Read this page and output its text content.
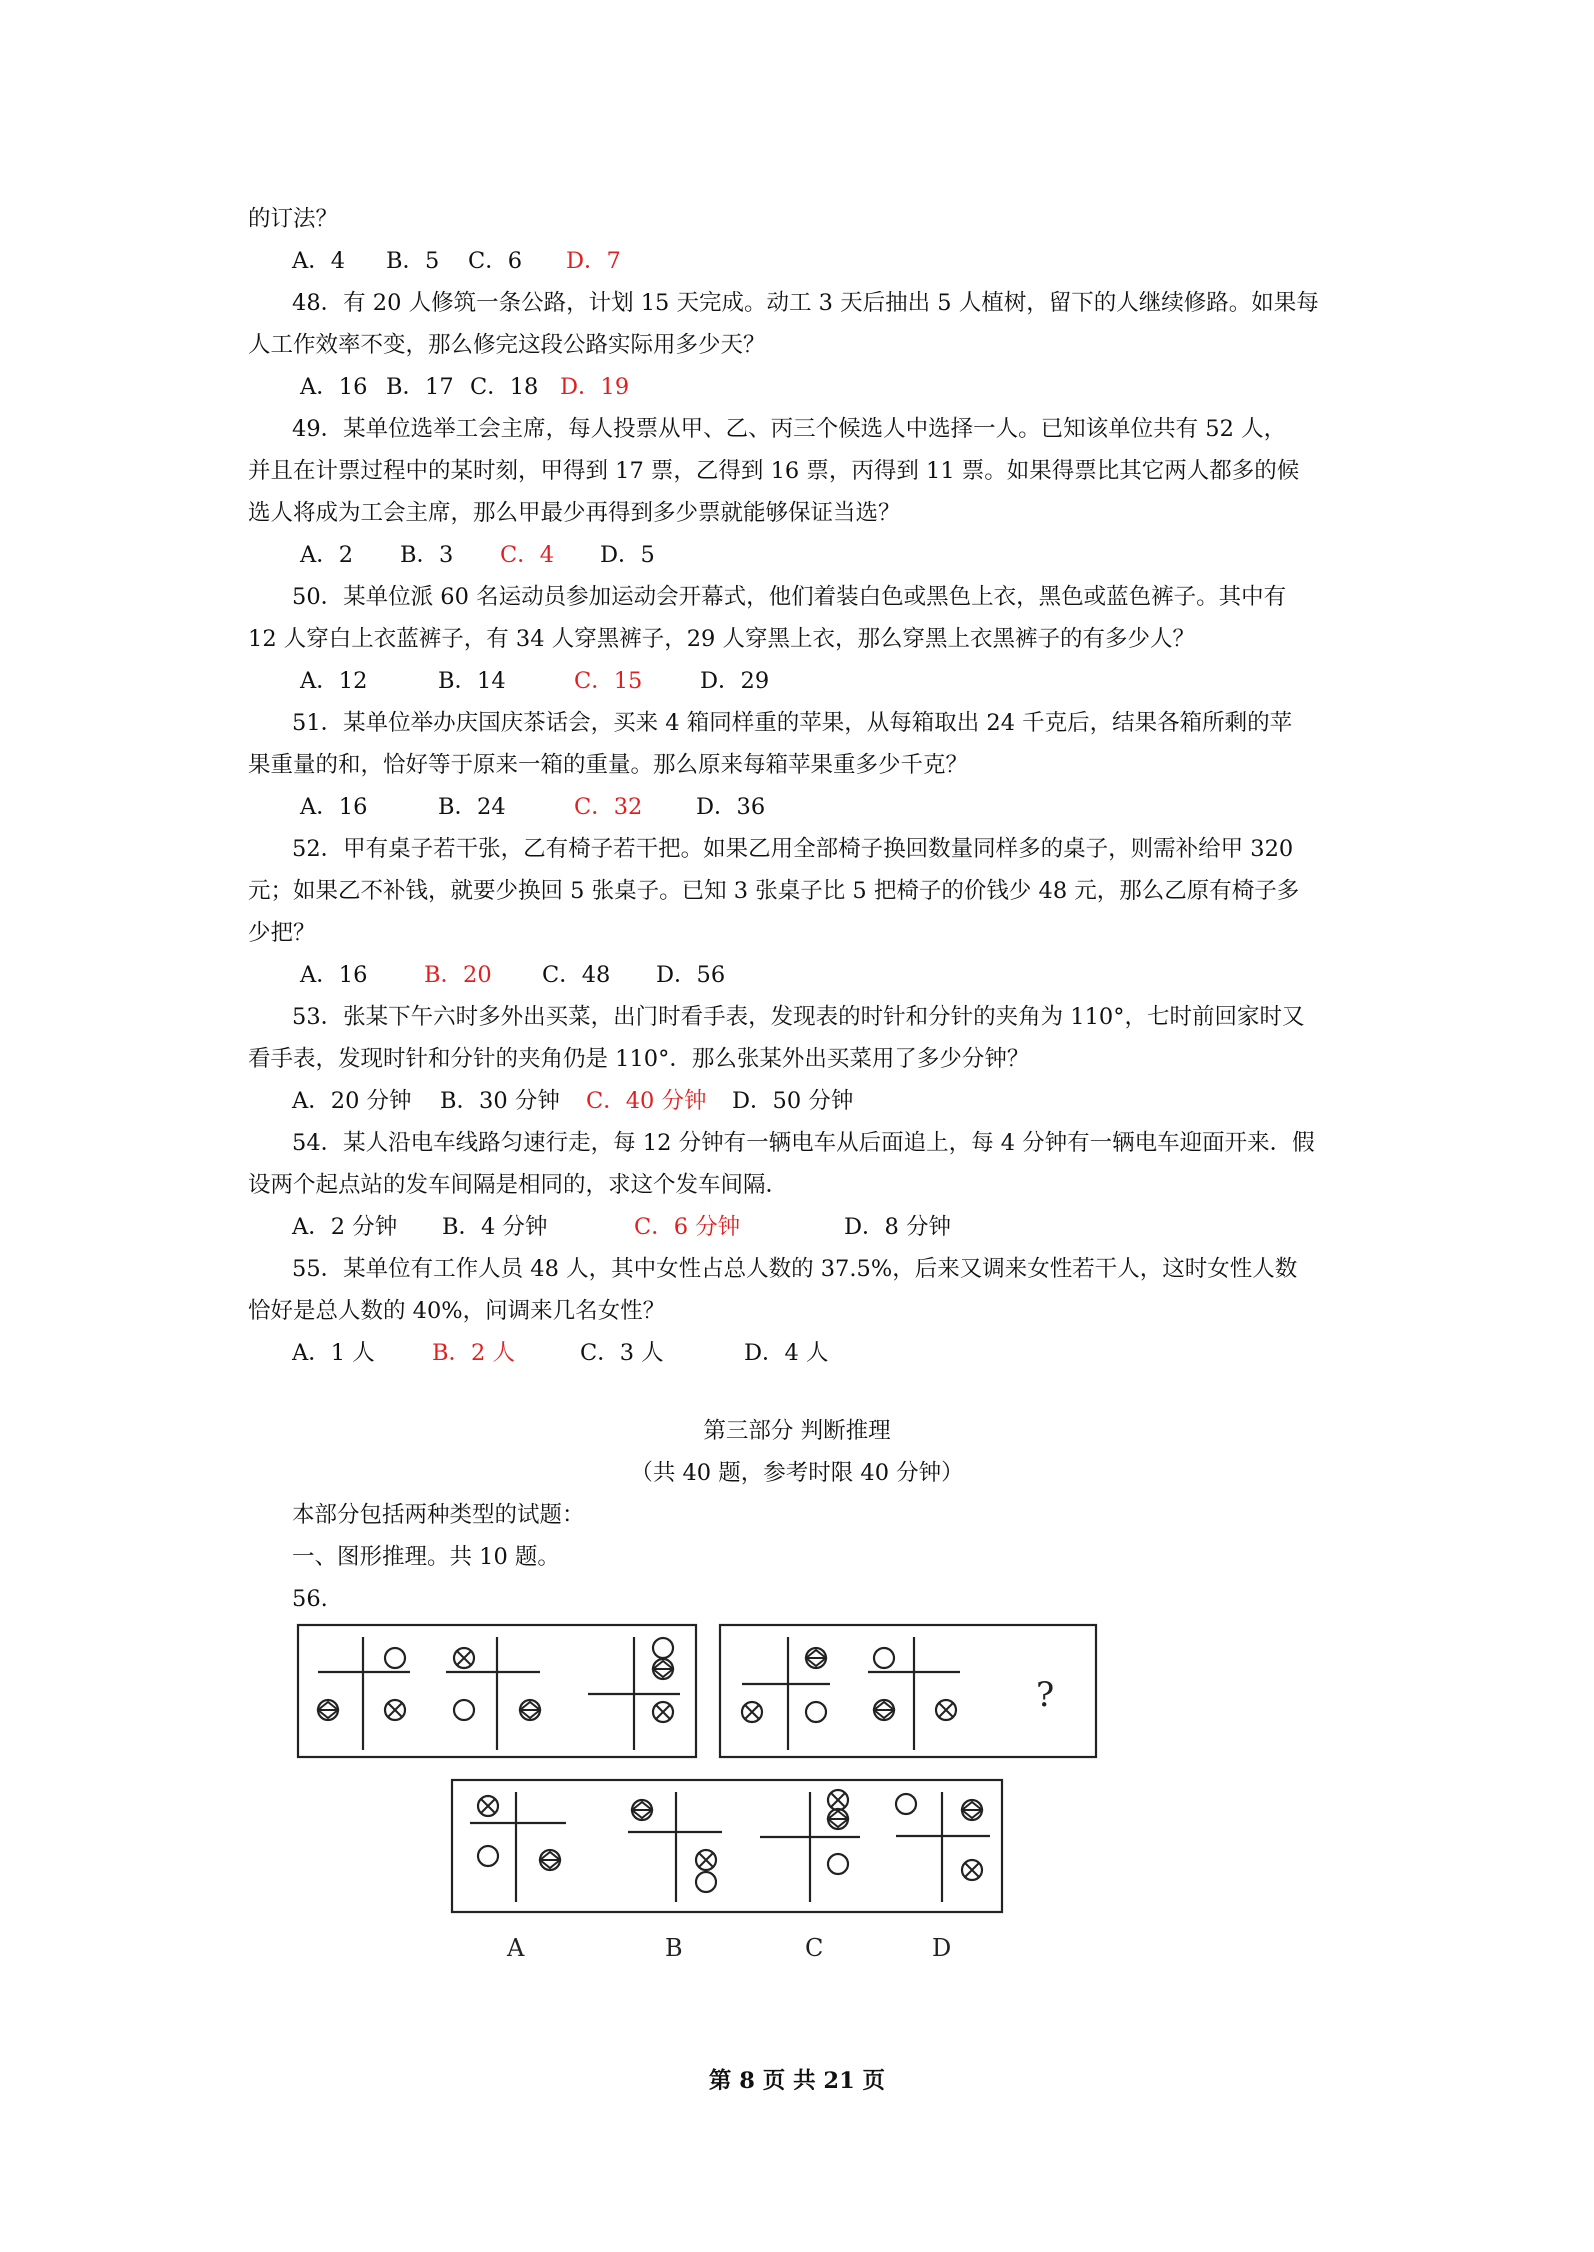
的订法？
A．4 B．5 C．6 D．7
48．有 20 人修筑一条公路，计划 15 天完成。动工 3 天后抽出 5 人植树，留下的人继续修路。如果每
人工作效率不变，那么修完这段公路实际用多少天？
A．16 B．17 C．18 D．19
49．某单位选举工会主席，每人投票从甲、乙、丙三个候选人中选择一人。已知该单位共有 52 人，
并且在计票过程中的某时刻，甲得到 17 票，乙得到 16 票，丙得到 11 票。如果得票比其它两人都多的候
选人将成为工会主席，那么甲最少再得到多少票就能够保证当选？
A．2 B．3 C．4 D．5
50．某单位派 60 名运动员参加运动会开幕式，他们着装白色或黑色上衣，黑色或蓝色裤子。其中有
12 人穿白上衣蓝裤子，有 34 人穿黑裤子，29 人穿黑上衣，那么穿黑上衣黑裤子的有多少人？
A．12	B．14	C．15	D．29
51．某单位举办庆国庆茶话会，买来 4 箱同样重的苹果，从每箱取出 24 千克后，结果各箱所剩的苹
果重量的和，恰好等于原来一箱的重量。那么原来每箱苹果重多少千克？
A．16	B．24	C．32 D．36
52．甲有桌子若干张，乙有椅子若干把。如果乙用全部椅子换回数量同样多的桌子，则需补给甲 320
元；如果乙不补钱，就要少换回 5 张桌子。已知 3 张桌子比 5 把椅子的价钱少 48 元，那么乙原有椅子多
少把？
A．16	B．20 C．48 D．56
53．张某下午六时多外出买菜，出门时看手表，发现表的时针和分针的夹角为 110°，七时前回家时又
看手表，发现时针和分针的夹角仍是 110°．那么张某外出买菜用了多少分钟？
A．20 分钟 B．30 分钟 C．40 分钟 D．50 分钟
54．某人沿电车线路匀速行走，每 12 分钟有一辆电车从后面追上，每 4 分钟有一辆电车迎面开来．假
设两个起点站的发车间隔是相同的，求这个发车间隔．
A．2 分钟 B．4 分钟	C．6 分钟	D．8 分钟
55．某单位有工作人员 48 人，其中女性占总人数的 37.5%，后来又调来女性若干人，这时女性人数
恰好是总人数的 40%，问调来几名女性？
A．1 人	B．2 人	C．3 人	D．4 人
第三部分 判断推理
（共 40 题，参考时限 40 分钟）
本部分包括两种类型的试题：
一、图形推理。共 10 题。
56.
?
A	B	C	D
第 8 页 共 21 页
